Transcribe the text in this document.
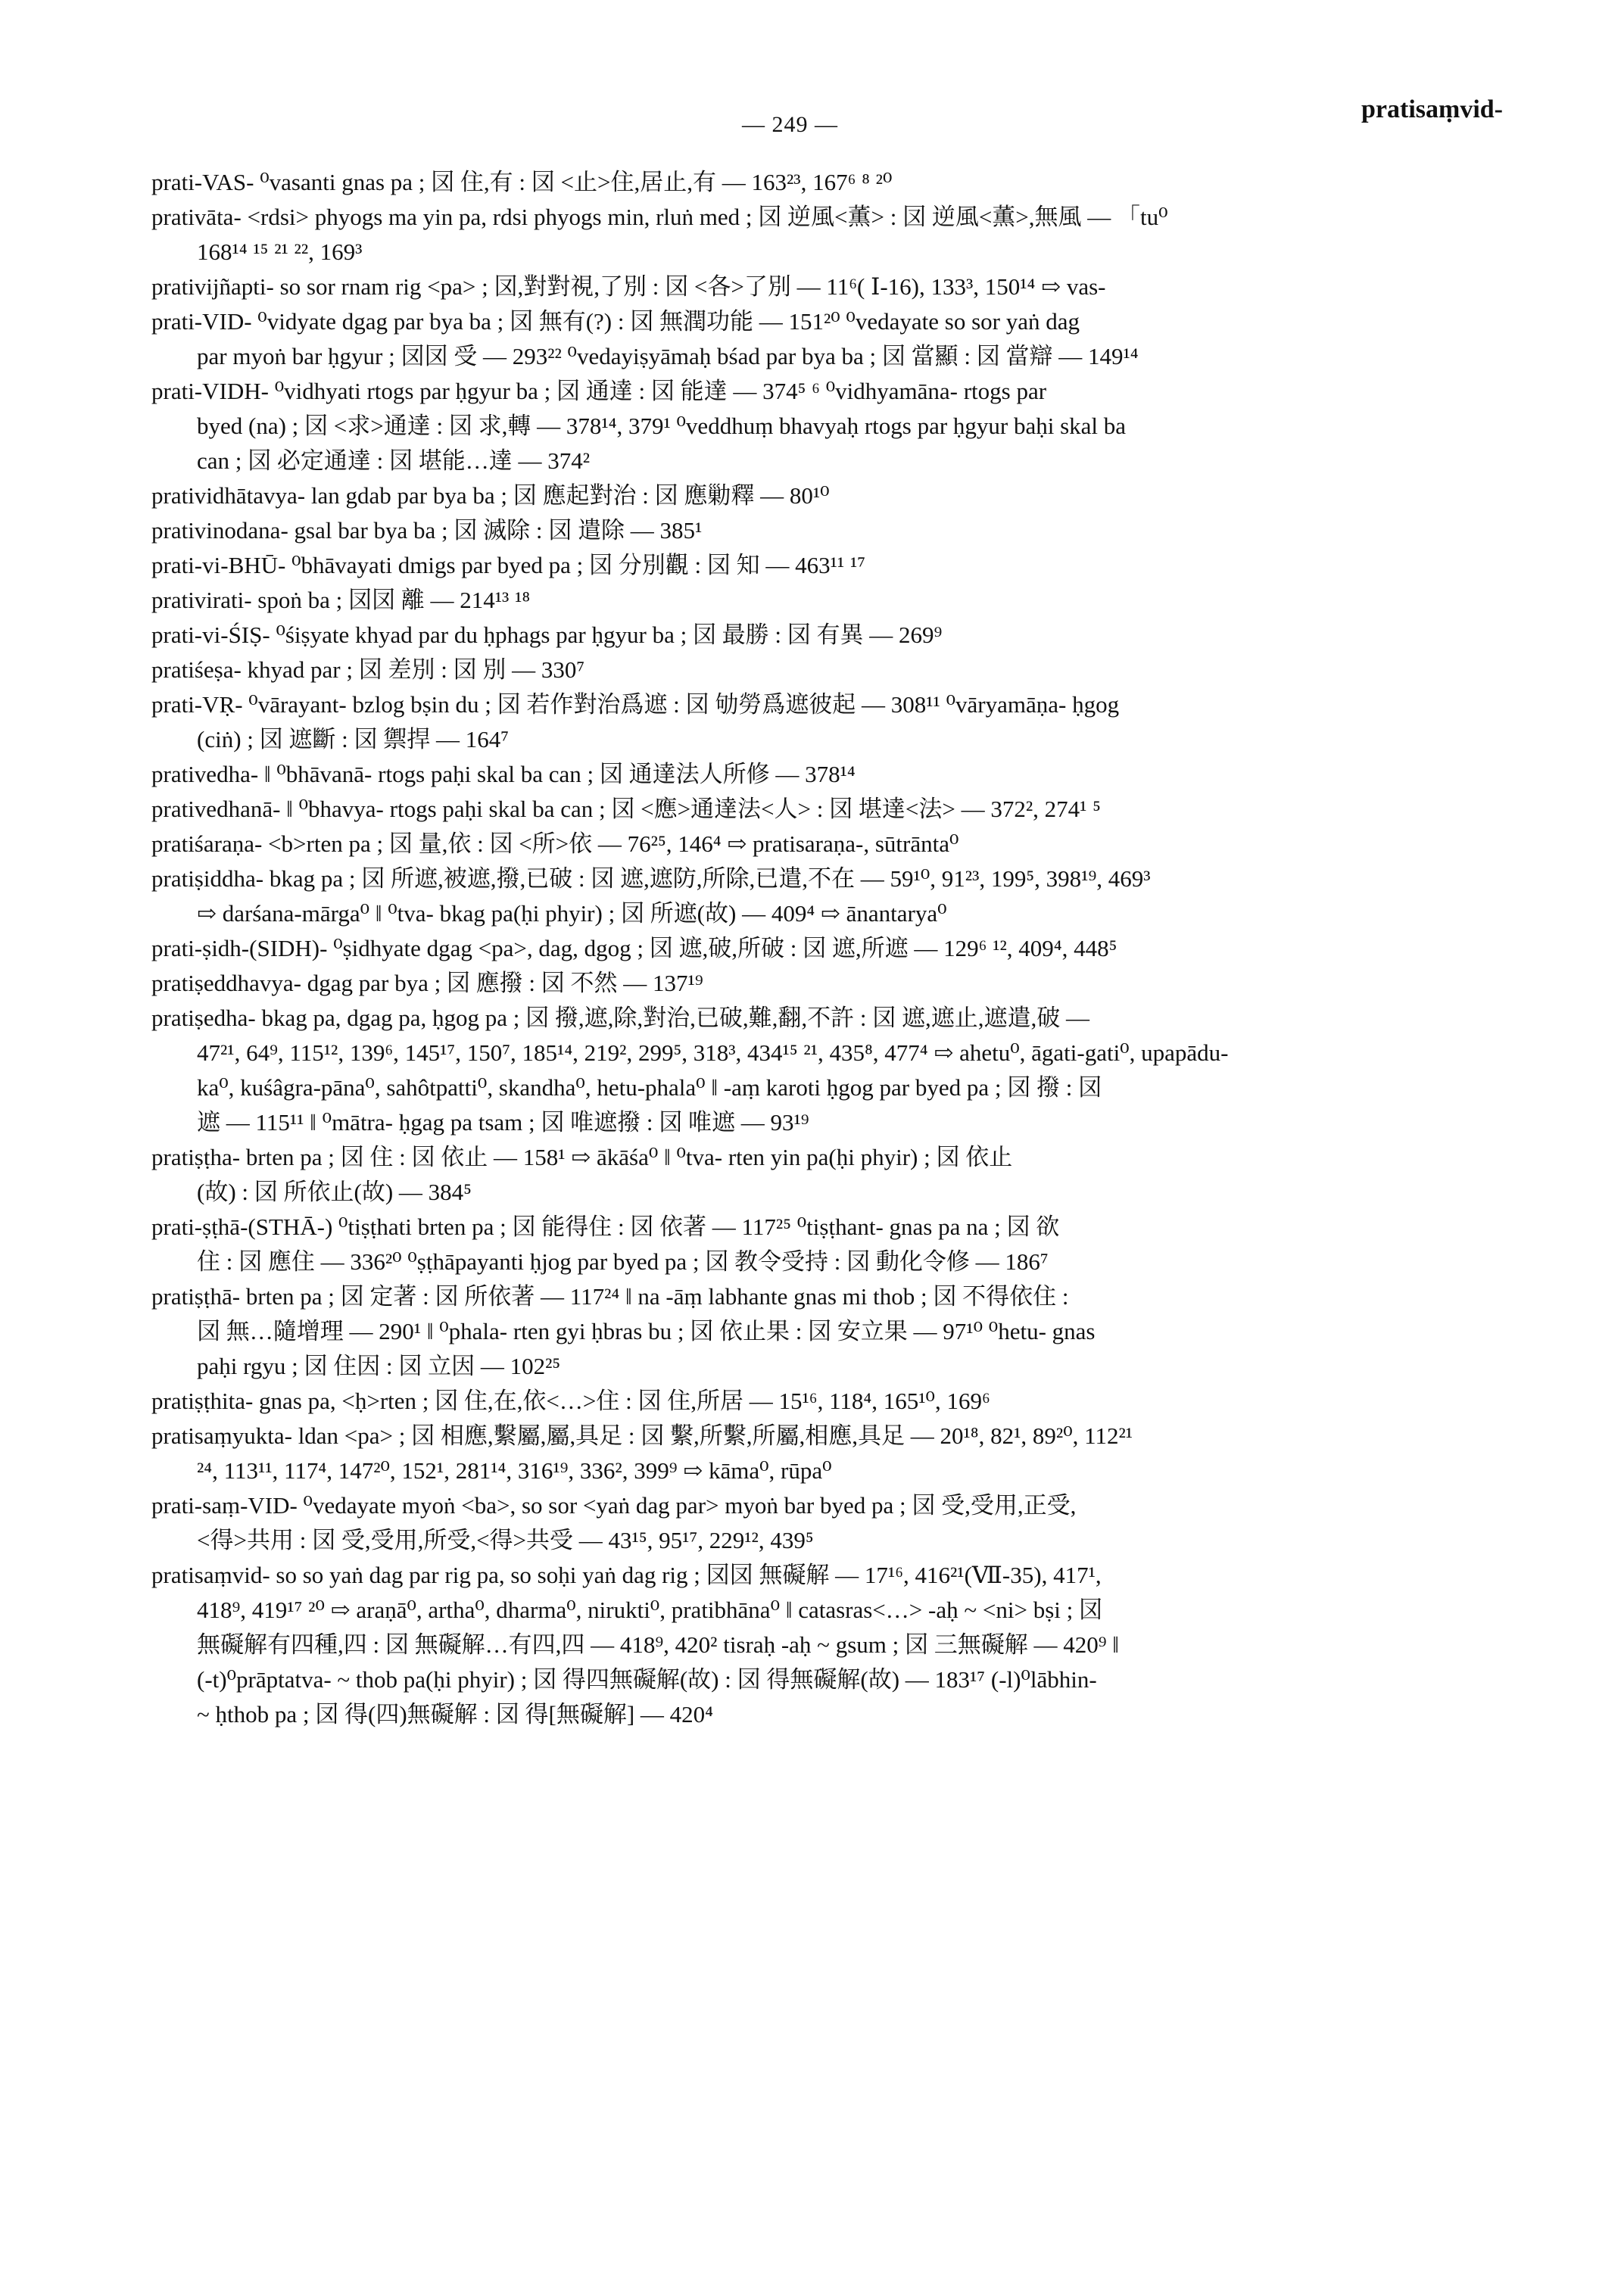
— 249 —
pratisaṃvid-
prati-VAS- ⁰vasanti gnas pa ; 㘝 住,有 : 㘝 <止>住,居止,有 — 163²³, 167⁶ ⁸ ²⁰
prativāta- <rdsi> phyogs ma yin pa, rdsi phyogs min, rluṅ med ; 㘝 逆風<薫> : 㘝 逆風<薫>,無風 — 「tu⁰
168¹⁴ ¹⁵ ²¹ ²², 169³
prativijñapti- so sor rnam rig <pa> ; 㘝,對對視,了別 : 㘝 <各>了別 — 11⁶( Ⅰ-16), 133³, 150¹⁴ ⇨ vas-
prati-VID- ⁰vidyate dgag par bya ba ; 㘝 無有(?) : 㘝 無潤功能 — 151²⁰ ⁰vedayate so sor yaṅ dag
par myoṅ bar ḥgyur ; 㘝㘝 受 — 293²² ⁰vedayiṣyāmaḥ bśad par bya ba ; 㘝 當顯 : 㘝 當辯 — 149¹⁴
prati-VIDH- ⁰vidhyati rtogs par ḥgyur ba ; 㘝 通達 : 㘝 能達 — 374⁵ ⁶ ⁰vidhyamāna- rtogs par
byed (na) ; 㘝 <求>通達 : 㘝 求,轉 — 378¹⁴, 379¹ ⁰veddhuṃ bhavyaḥ rtogs par ḥgyur baḥi skal ba
can ; 㘝 必定通達 : 㘝 堪能…達 — 374²
pratividhātavya- lan gdab par bya ba ; 㘝 應起對治 : 㘝 應勦釋 — 80¹⁰
prativinodana- gsal bar bya ba ; 㘝 滅除 : 㘝 遣除 — 385¹
prati-vi-BHŪ- ⁰bhāvayati dmigs par byed pa ; 㘝 分別觀 : 㘝 知 — 463¹¹ ¹⁷
prativirati- spoṅ ba ; 㘝㘝 離 — 214¹³ ¹⁸
prati-vi-ŚIṢ- ⁰śiṣyate khyad par du ḥphags par ḥgyur ba ; 㘝 最勝 : 㘝 有異 — 269⁹
pratiśeṣa- khyad par ; 㘝 差別 : 㘝 別 — 330⁷
prati-VṚ- ⁰vārayant- bzlog bṣin du ; 㘝 若作對治爲遮 : 㘝 劬勞爲遮彼起 — 308¹¹ ⁰vāryamāṇa- ḥgog
(ciṅ) ; 㘝 遮斷 : 㘝 禦捍 — 164⁷
prativedha- ‖ ⁰bhāvanā- rtogs paḥi skal ba can ; 㘝 通達法人所修 — 378¹⁴
prativedhanā- ‖ ⁰bhavya- rtogs paḥi skal ba can ; 㘝 <應>通達法<人> : 㘝 堪達<法> — 372², 274¹ ⁵
pratiśaraṇa- <b>rten pa ; 㘝 量,依 : 㘝 <所>依 — 76²⁵, 146⁴ ⇨ pratisaraṇa-, sūtrānta⁰
pratiṣiddha- bkag pa ; 㘝 所遮,被遮,撥,已破 : 㘝 遮,遮防,所除,已遣,不在 — 59¹⁰, 91²³, 199⁵, 398¹⁹, 469³
⇨ darśana-mārga⁰ ‖ ⁰tva- bkag pa(ḥi phyir) ; 㘝 所遮(故) — 409⁴ ⇨ ānantarya⁰
prati-ṣidh-(SIDH)- ⁰ṣidhyate dgag <pa>, dag, dgog ; 㘝 遮,破,所破 : 㘝 遮,所遮 — 129⁶ ¹², 409⁴, 448⁵
pratiṣeddhavya- dgag par bya ; 㘝 應撥 : 㘝 不然 — 137¹⁹
pratiṣedha- bkag pa, dgag pa, ḥgog pa ; 㘝 撥,遮,除,對治,已破,難,翻,不許 : 㘝 遮,遮止,遮遣,破 —
47²¹, 64⁹, 115¹², 139⁶, 145¹⁷, 150⁷, 185¹⁴, 219², 299⁵, 318³, 434¹⁵ ²¹, 435⁸, 477⁴ ⇨ ahetu⁰, āgati-gati⁰, upapādu-
ka⁰, kuśâgra-pāna⁰, sahôtpatti⁰, skandha⁰, hetu-phala⁰ ‖ -aṃ karoti ḥgog par byed pa ; 㘝 撥 : 㘝
遮 — 115¹¹ ‖ ⁰mātra- ḥgag pa tsam ; 㘝 唯遮撥 : 㘝 唯遮 — 93¹⁹
pratiṣṭha- brten pa ; 㘝 住 : 㘝 依止 — 158¹ ⇨ ākāśa⁰ ‖ ⁰tva- rten yin pa(ḥi phyir) ; 㘝 依止
(故) : 㘝 所依止(故) — 384⁵
prati-ṣṭhā-(STHĀ-) ⁰tiṣṭhati brten pa ; 㘝 能得住 : 㘝 依著 — 117²⁵ ⁰tiṣṭhant- gnas pa na ; 㘝 欲
住 : 㘝 應住 — 336²⁰ ⁰ṣṭhāpayanti ḥjog par byed pa ; 㘝 教令受持 : 㘝 動化令修 — 186⁷
pratiṣṭhā- brten pa ; 㘝 定著 : 㘝 所依著 — 117²⁴ ‖ na -āṃ labhante gnas mi thob ; 㘝 不得依住 :
㘝 無…隨增理 — 290¹ ‖ ⁰phala- rten gyi ḥbras bu ; 㘝 依止果 : 㘝 安立果 — 97¹⁰ ⁰hetu- gnas
paḥi rgyu ; 㘝 住因 : 㘝 立因 — 102²⁵
pratiṣṭhita- gnas pa, <ḥ>rten ; 㘝 住,在,依<…>住 : 㘝 住,所居 — 15¹⁶, 118⁴, 165¹⁰, 169⁶
pratisaṃyukta- ldan <pa> ; 㘝 相應,繫屬,屬,具足 : 㘝 繫,所繫,所屬,相應,具足 — 20¹⁸, 82¹, 89²⁰, 112²¹
²⁴, 113¹¹, 117⁴, 147²⁰, 152¹, 281¹⁴, 316¹⁹, 336², 399⁹ ⇨ kāma⁰, rūpa⁰
prati-saṃ-VID- ⁰vedayate myoṅ <ba>, so sor <yaṅ dag par> myoṅ bar byed pa ; 㘝 受,受用,正受,
<得>共用 : 㘝 受,受用,所受,<得>共受 — 43¹⁵, 95¹⁷, 229¹², 439⁵
pratisaṃvid- so so yaṅ dag par rig pa, so soḥi yaṅ dag rig ; 㘝㘝 無礙解 — 17¹⁶, 416²¹(Ⅶ-35), 417¹,
418⁹, 419¹⁷ ²⁰ ⇨ araṇā⁰, artha⁰, dharma⁰, nirukti⁰, pratibhāna⁰ ‖ catasras<…> -aḥ ~ <ni> bṣi ; 㘝
無礙解有四種,四 : 㘝 無礙解…有四,四 — 418⁹, 420² tisraḥ -aḥ ~ gsum ; 㘝 三無礙解 — 420⁹ ‖
(-t)⁰prāptatva- ~ thob pa(ḥi phyir) ; 㘝 得四無礙解(故) : 㘝 得無礙解(故) — 183¹⁷ (-l)⁰lābhin-
~ ḥthob pa ; 㘝 得(四)無礙解 : 㘝 得[無礙解] — 420⁴
